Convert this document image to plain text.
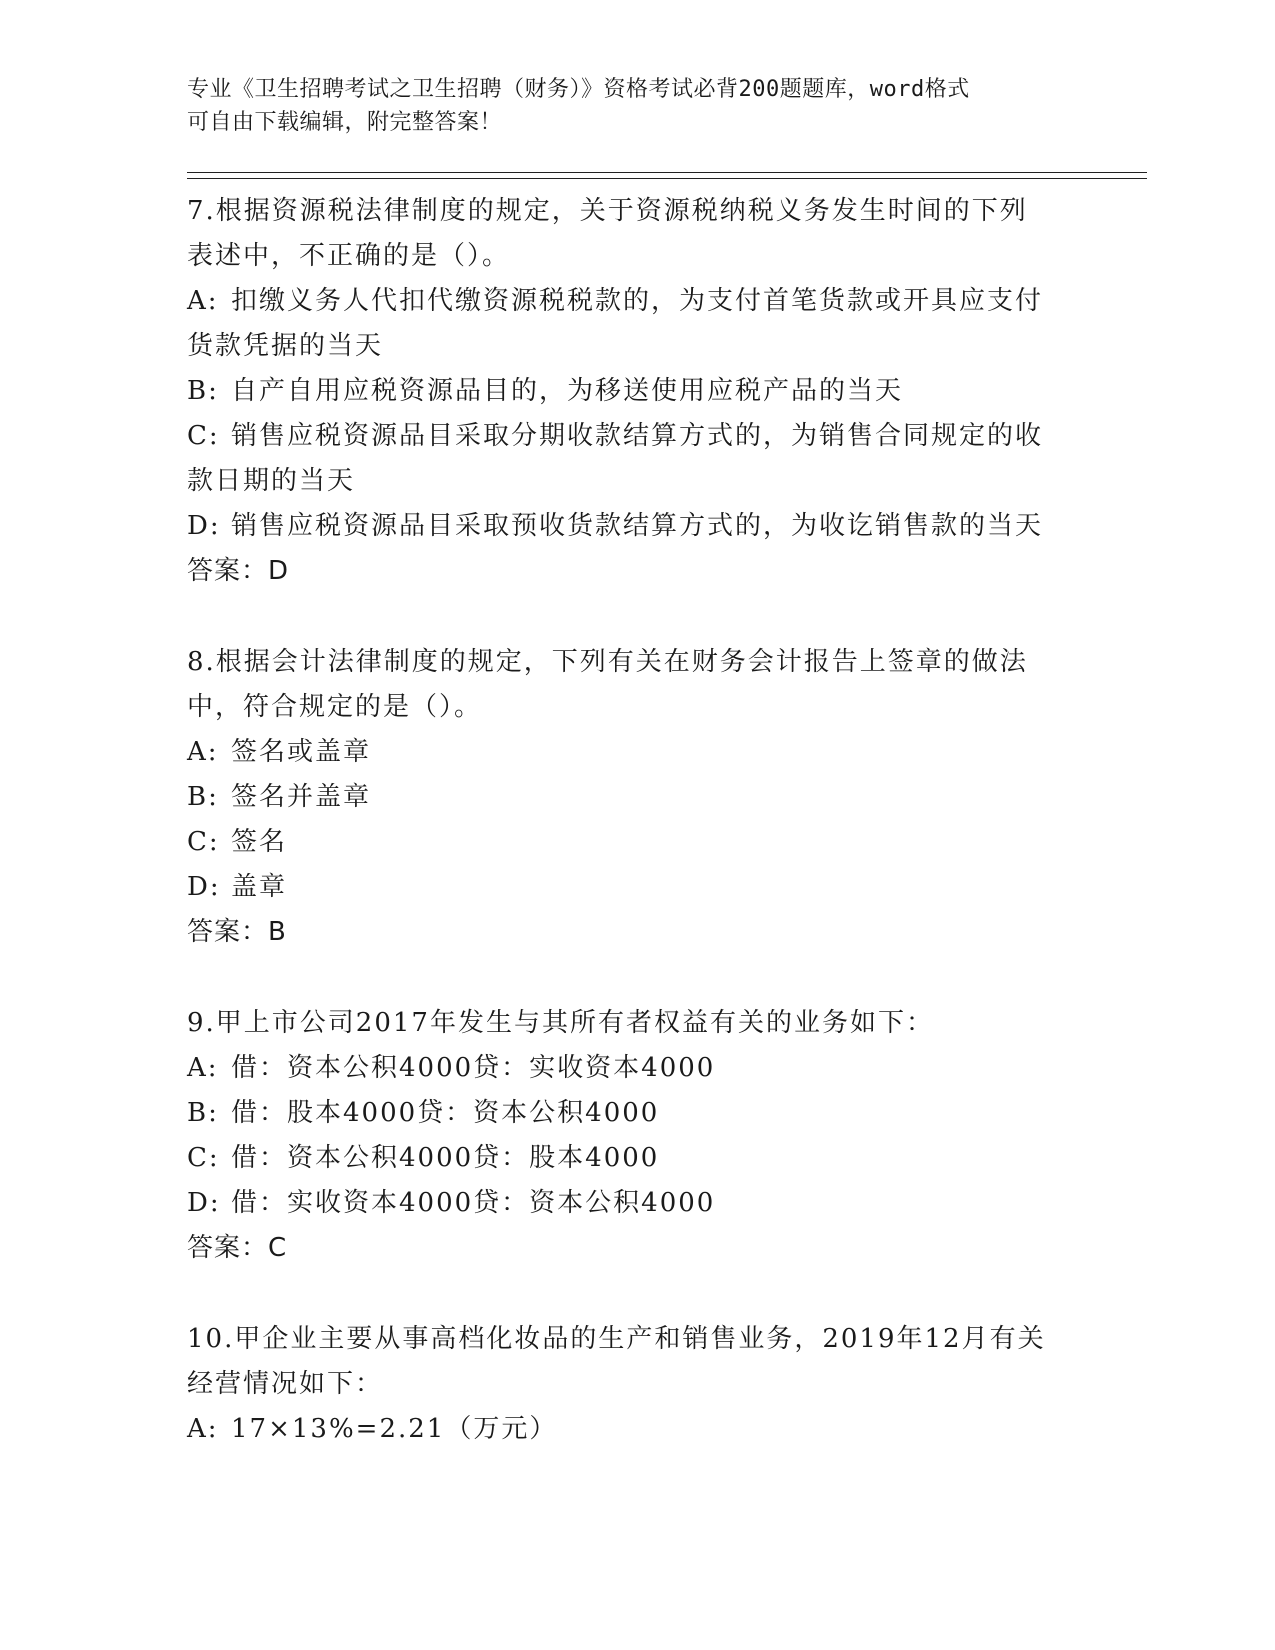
专业《卫生招聘考试之卫生招聘（财务）》资格考试必背200题题库，word格式
可自由下载编辑，附完整答案！
7.根据资源税法律制度的规定，关于资源税纳税义务发生时间的下列
表述中，不正确的是（）。
A: 扣缴义务人代扣代缴资源税税款的，为支付首笔货款或开具应支付
货款凭据的当天
B: 自产自用应税资源品目的，为移送使用应税产品的当天
C: 销售应税资源品目采取分期收款结算方式的，为销售合同规定的收
款日期的当天
D: 销售应税资源品目采取预收货款结算方式的，为收讫销售款的当天
答案：D
8.根据会计法律制度的规定，下列有关在财务会计报告上签章的做法
中，符合规定的是（）。
A: 签名或盖章
B: 签名并盖章
C: 签名
D: 盖章
答案：B
9.甲上市公司2017年发生与其所有者权益有关的业务如下：
A: 借：资本公积4000贷：实收资本4000
B: 借：股本4000贷：资本公积4000
C: 借：资本公积4000贷：股本4000
D: 借：实收资本4000贷：资本公积4000
答案：C
10.甲企业主要从事高档化妆品的生产和销售业务，2019年12月有关
经营情况如下：
A: 17×13%=2.21（万元）
